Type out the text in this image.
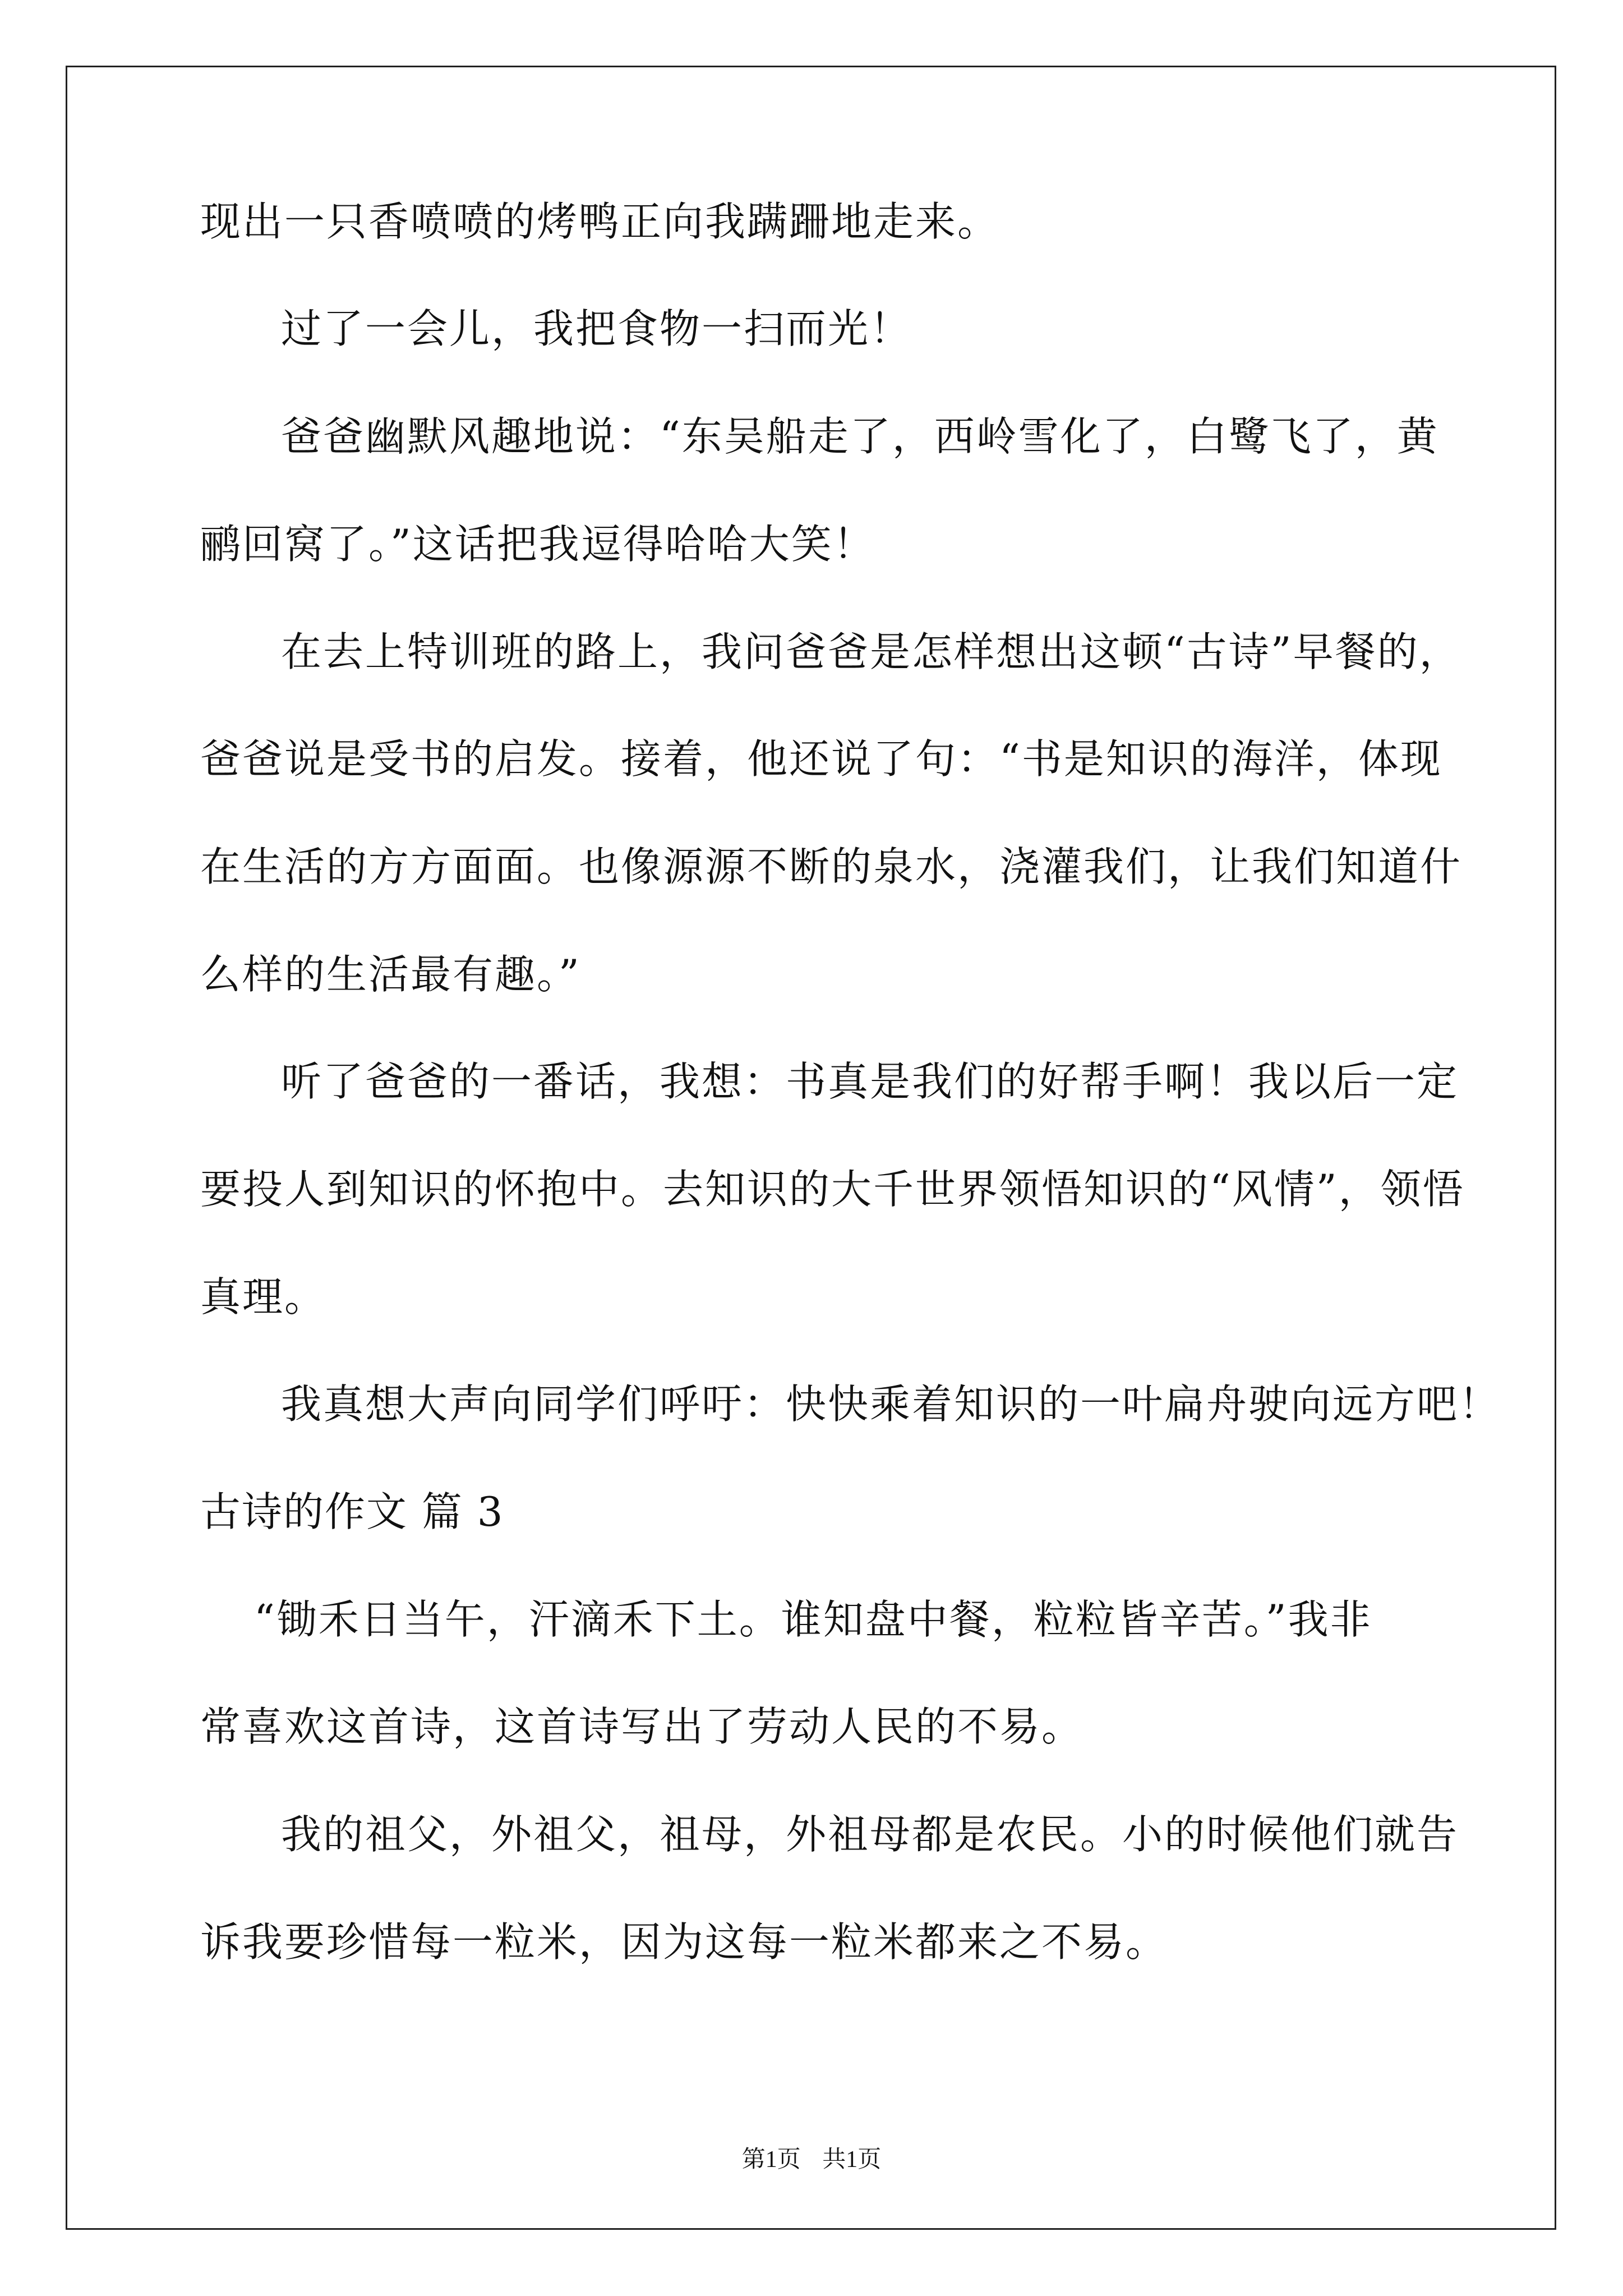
现出一只香喷喷的烤鸭正向我蹒跚地走来。
过了一会儿，我把食物一扫而光！
爸爸幽默风趣地说：“东吴船走了，西岭雪化了，白鹭飞了，黄
鹂回窝了。”这话把我逗得哈哈大笑！
在去上特训班的路上，我问爸爸是怎样想出这顿“古诗”早餐的，
爸爸说是受书的启发。接着，他还说了句：“书是知识的海洋，体现
在生活的方方面面。也像源源不断的泉水，浇灌我们，让我们知道什
么样的生活最有趣。”
听了爸爸的一番话，我想：书真是我们的好帮手啊！我以后一定
要投人到知识的怀抱中。去知识的大千世界领悟知识的“风情”，领悟
真理。
我真想大声向同学们呼吁：快快乘着知识的一叶扁舟驶向远方吧！
古诗的作文 篇 3
“锄禾日当午，汗滴禾下土。谁知盘中餐，粒粒皆辛苦。”我非
常喜欢这首诗，这首诗写出了劳动人民的不易。
我的祖父，外祖父，祖母，外祖母都是农民。小的时候他们就告
诉我要珍惜每一粒米，因为这每一粒米都来之不易。
第1页 共1页
